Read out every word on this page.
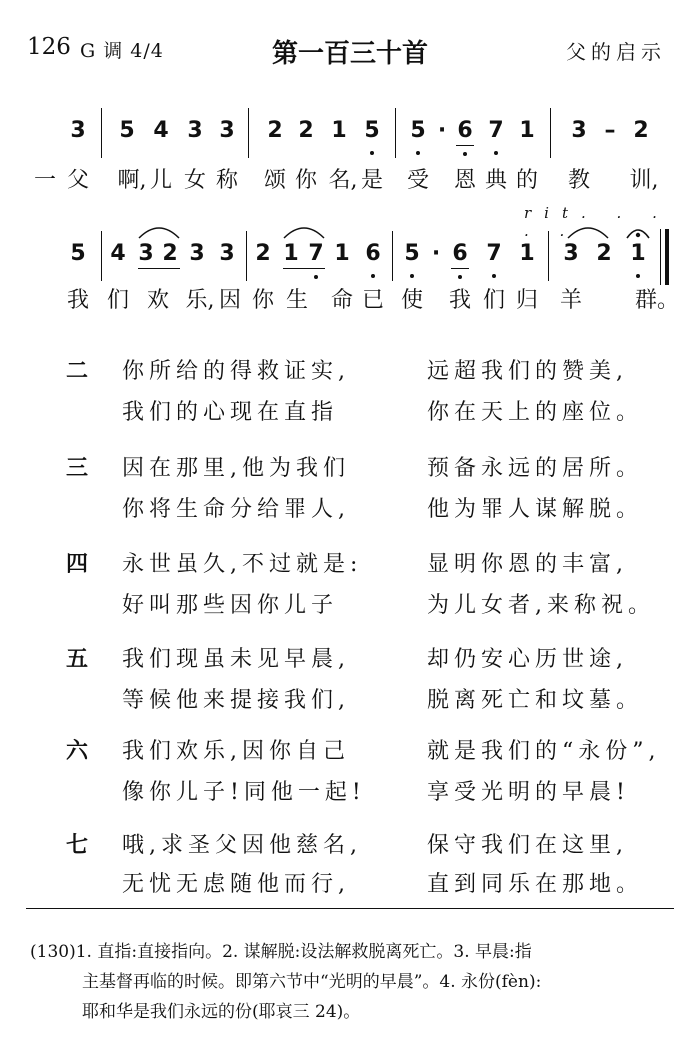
126 G 调 4/4	第一百三十首	父的启示
3 5 4 3 3 2 2 1 5 5 · 6 7 1 3 – 2
一 父 啊, 儿 女 称 颂 你 名, 是 受 恩 典 的 教 训,
rit. . . . .
5 4 3 2 3 3 2 1 7 1 6 5 · 6 7 1 3 2 1
我 们 欢 乐, 因 你 生 命 已 使 我 们 归 羊 群。
二 你所给的得救证实,	远超我们的赞美,
我们的心现在直指	你在天上的座位。
三 因在那里,他为我们	预备永远的居所。
你将生命分给罪人,	他为罪人谋解脱。
四 永世虽久,不过就是:	显明你恩的丰富,
好叫那些因你儿子	为儿女者,来称祝。
五 我们现虽未见早晨,	却仍安心历世途,
等候他来提接我们,	脱离死亡和坟墓。
六 我们欢乐,因你自己	就是我们的“永份”,
像你儿子!同他一起!	享受光明的早晨!
七 哦,求圣父因他慈名,	保守我们在这里,
无忧无虑随他而行,	直到同乐在那地。
(130)1. 直指:直接指向。2. 谋解脱:设法解救脱离死亡。3. 早晨:指
主基督再临的时候。即第六节中“光明的早晨”。4. 永份(fèn):
耶和华是我们永远的份(耶哀三 24)。
